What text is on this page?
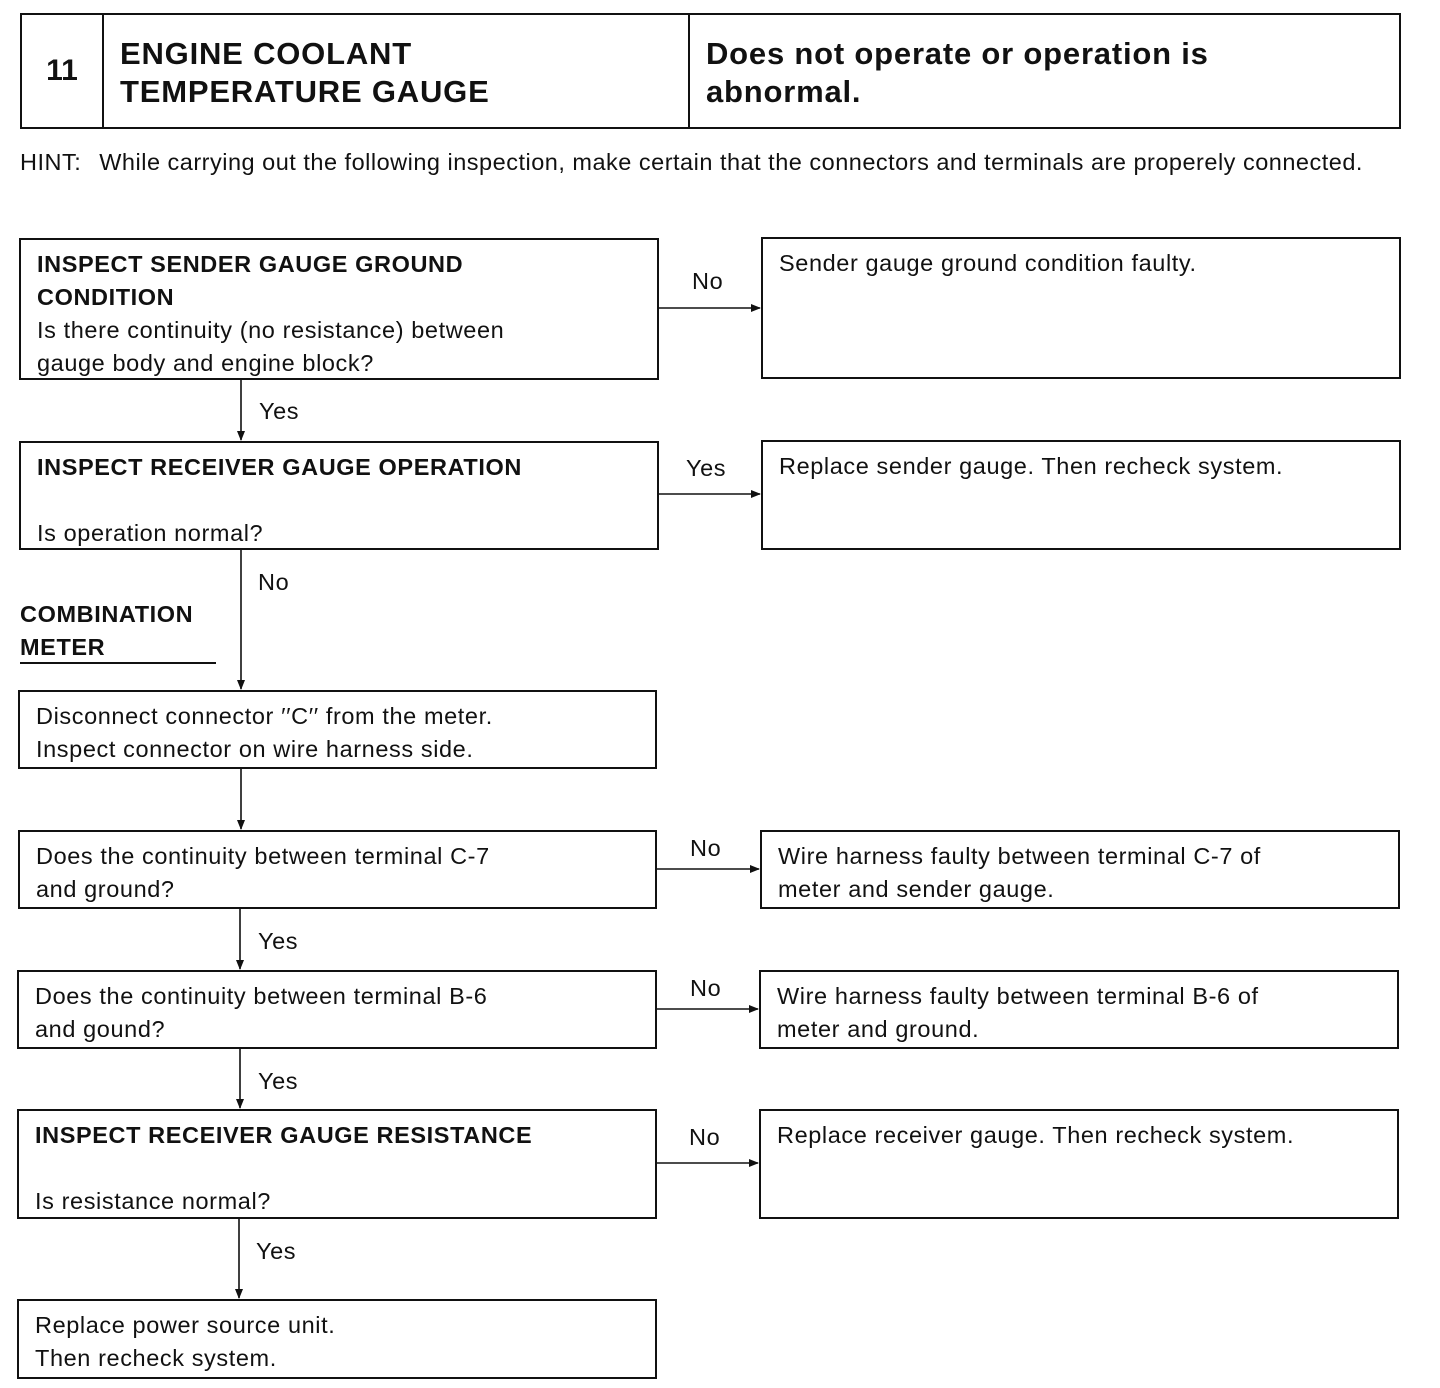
11	ENGINE COOLANT
TEMPERATURE GAUGE
Does not operate or operation is
abnormal.
HINT: While carrying out the following inspection, make certain that the connectors and terminals are properely connected.
No
Yes
Yes
No
No
Yes
No
Yes
No
Yes
COMBINATION
METER
INSPECT SENDER GAUGE GROUND
CONDITION
Is there continuity (no resistance) between
gauge body and engine block?
INSPECT RECEIVER GAUGE OPERATION
Is operation normal?
Disconnect connector ′′C′′ from the meter.
Inspect connector on wire harness side.
Does the continuity between terminal C-7
and ground?
Does the continuity between terminal B-6
and gound?
INSPECT RECEIVER GAUGE RESISTANCE
Is resistance normal?
Replace power source unit.
Then recheck system.
Sender gauge ground condition faulty.
Replace sender gauge. Then recheck system.
Wire harness faulty between terminal C-7 of
meter and sender gauge.
Wire harness faulty between terminal B-6 of
meter and ground.
Replace receiver gauge. Then recheck system.
